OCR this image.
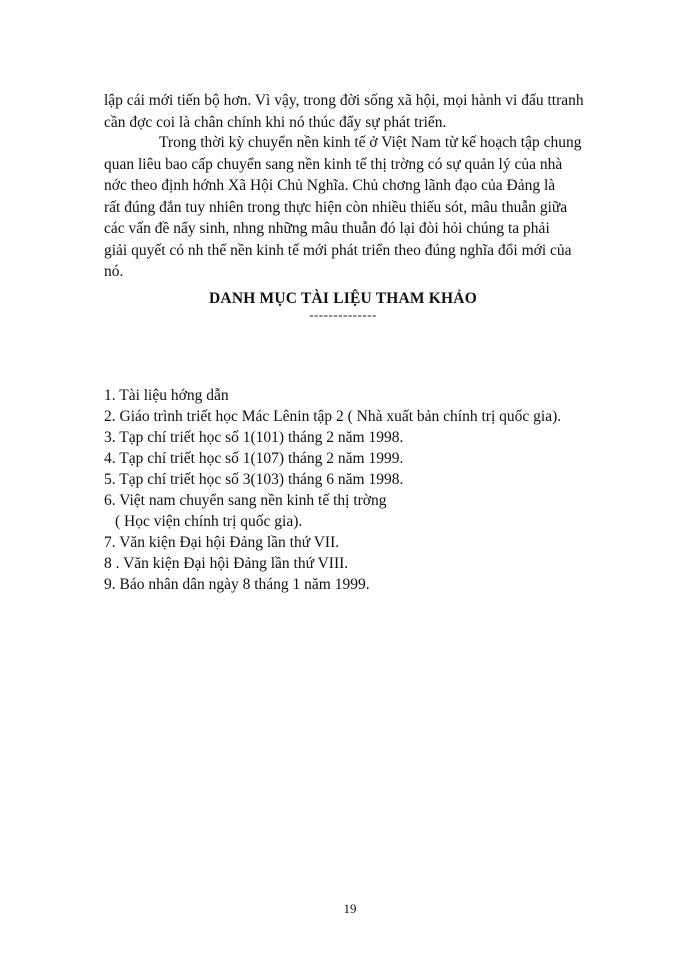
lập cái mới tiến bộ hơn. Vì vậy, trong đời sống xã hội, mọi hành vi đấu ttranh
cần đợc coi là chân chính khi nó thúc đẩy sự phát triển.
Trong thời kỳ chuyển nền kinh tế ở Việt Nam từ kế hoạch tập chung
quan liêu bao cấp chuyển sang nền kinh tế thị trờng có sự quản lý của nhà
nớc theo định hớnh Xã Hội Chủ Nghĩa. Chủ chơng lãnh đạo của Đảng là
rất đúng đắn tuy nhiên trong thực hiện còn nhiều thiếu sót, mâu thuẫn giữa
các vấn đề nẩy sinh, nhng những mâu thuẫn đó lại đòi hỏi chúng ta phải
giải quyết có nh thế nền kinh tế mới phát triển theo đúng nghĩa đổi mới của
nó.
DANH MỤC TÀI LIỆU THAM KHẢO
--------------
1. Tài liệu hớng dẫn
2. Giáo trình triết học Mác Lênin tập 2 ( Nhà xuất bản chính trị quốc gia).
3. Tạp chí triết học số 1(101) tháng 2 năm 1998.
4. Tạp chí triết học số 1(107) tháng 2 năm 1999.
5. Tạp chí triết học số 3(103) tháng 6 năm 1998.
6. Việt nam chuyển sang nền kinh tế thị trờng
( Học viện chính trị quốc gia).
7. Văn kiện Đại hội Đảng lần thứ VII.
8 . Văn kiện Đại hội Đảng lần thứ VIII.
9. Báo nhân dân ngày 8 tháng 1 năm 1999.
19
